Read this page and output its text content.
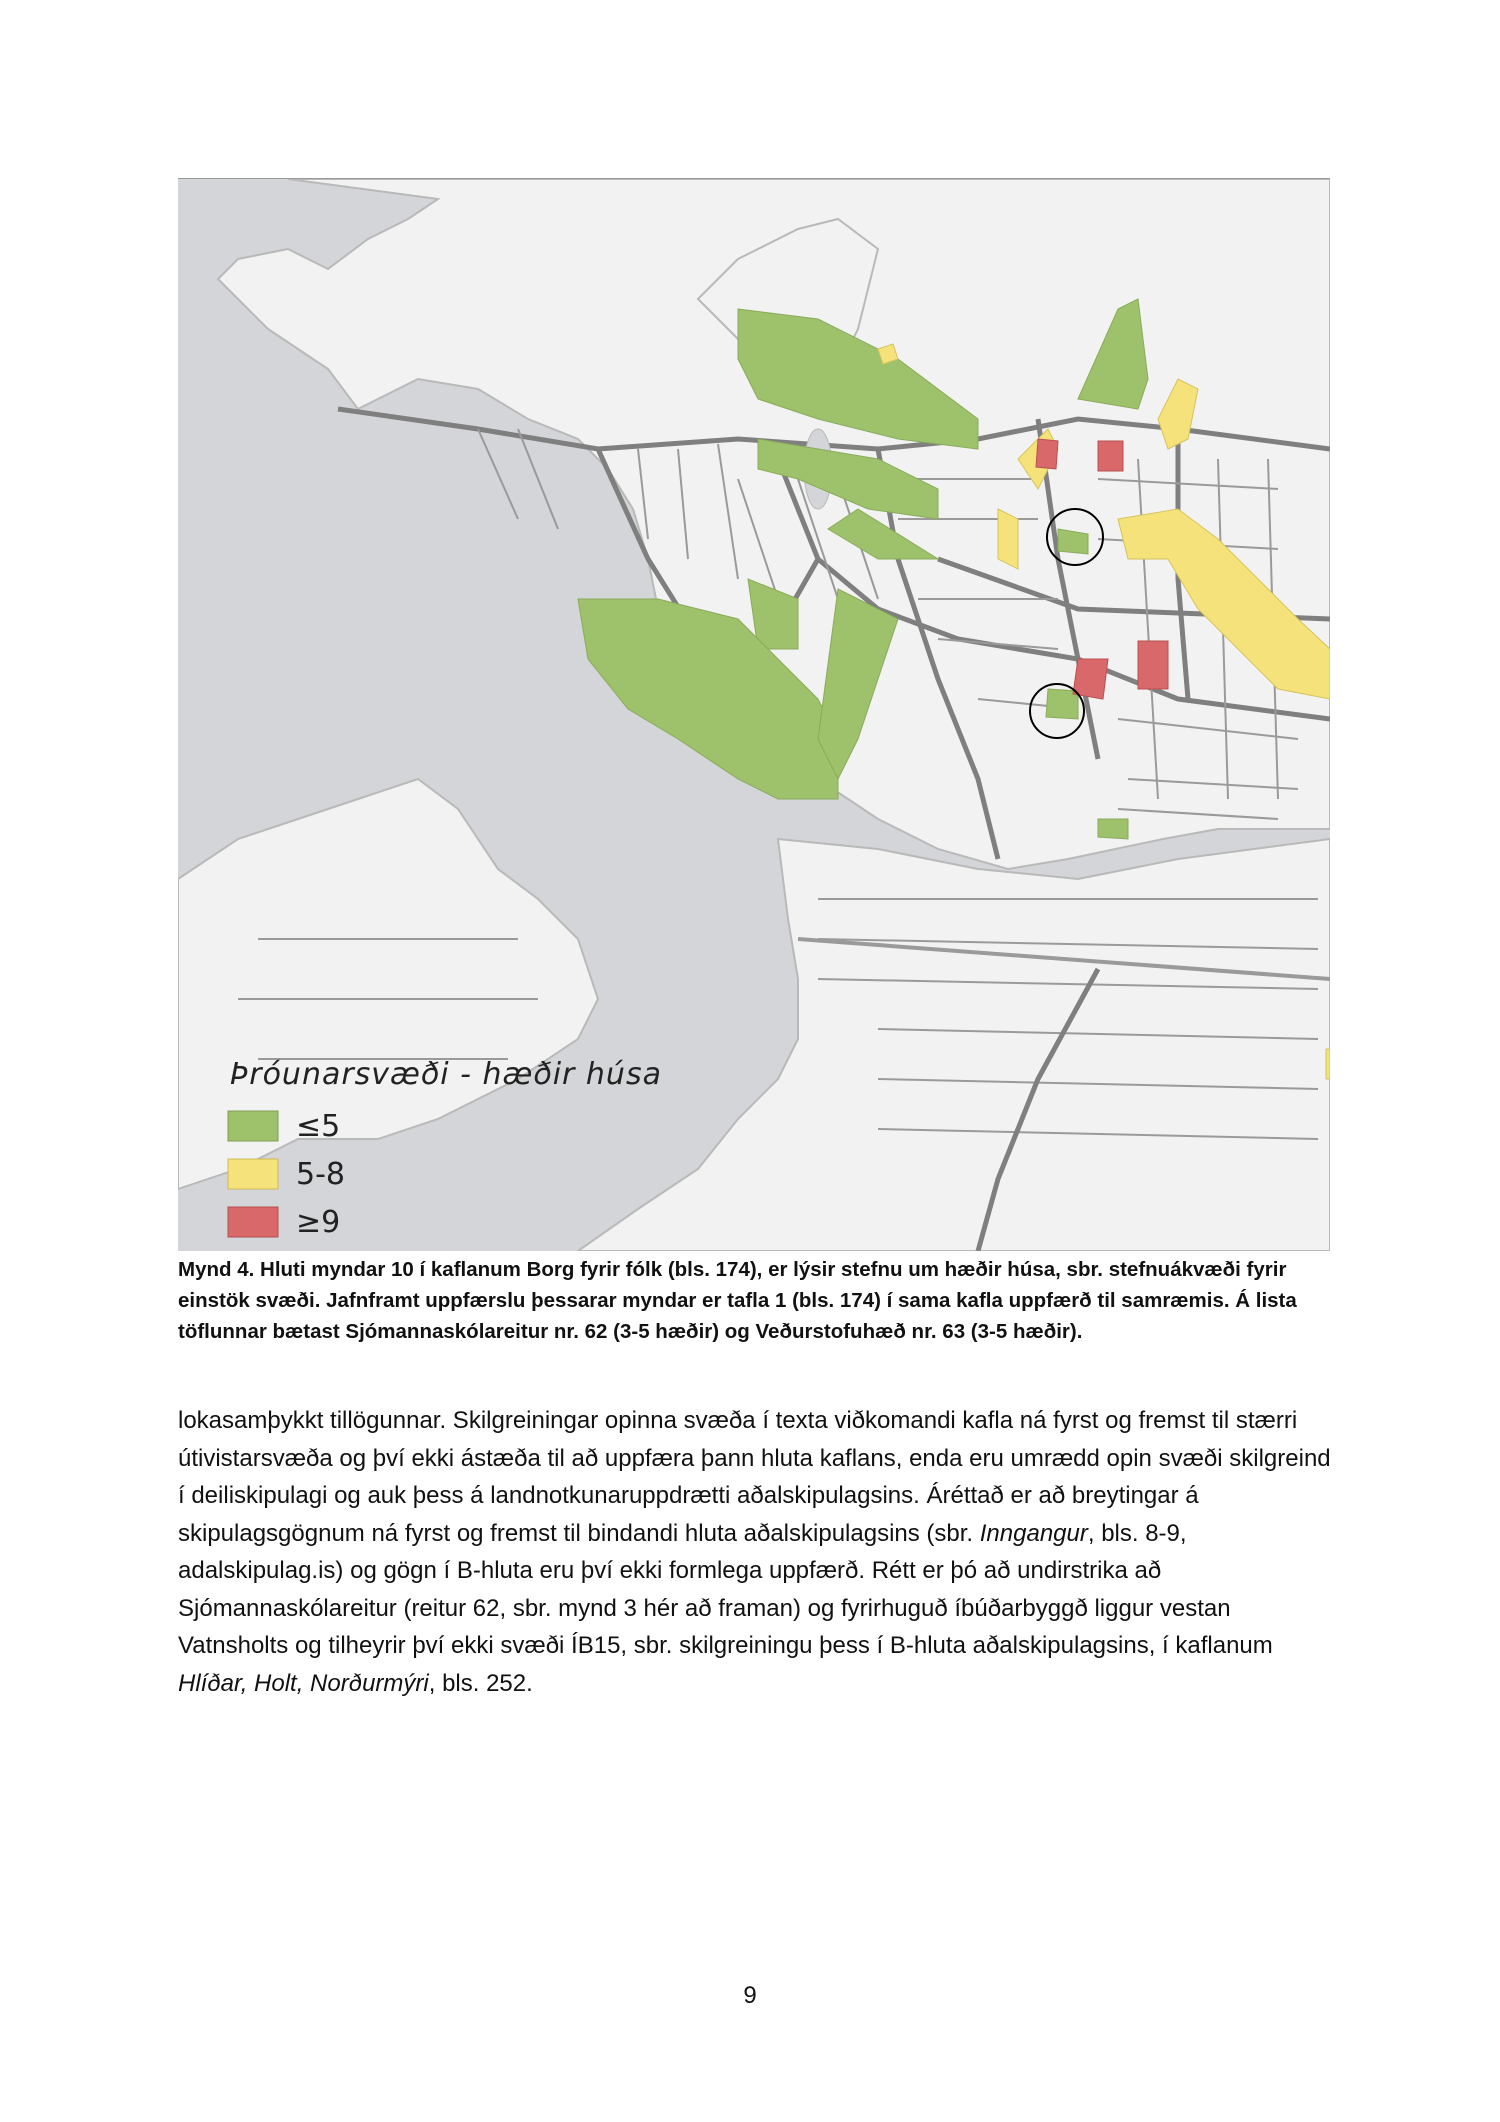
Þróunarsvæði - hæðir húsa
≤5
5-8
≥9
Mynd 4. Hluti myndar 10 í kaflanum Borg fyrir fólk (bls. 174), er lýsir stefnu um hæðir húsa, sbr. stefnuákvæði fyrir einstök svæði. Jafnframt uppfærslu þessarar myndar er tafla 1 (bls. 174) í sama kafla uppfærð til samræmis. Á lista töflunnar bætast Sjómannaskólareitur nr. 62 (3-5 hæðir) og Veðurstofuhæð nr. 63 (3-5 hæðir).
lokasamþykkt tillögunnar. Skilgreiningar opinna svæða í texta viðkomandi kafla ná fyrst og fremst til stærri útivistarsvæða og því ekki ástæða til að uppfæra þann hluta kaflans, enda eru umrædd opin svæði skilgreind í deiliskipulagi og auk þess á landnotkunaruppdrætti aðalskipulagsins. Áréttað er að breytingar á skipulagsgögnum ná fyrst og fremst til bindandi hluta aðalskipulagsins (sbr. Inngangur, bls. 8-9, adalskipulag.is) og gögn í B-hluta eru því ekki formlega uppfærð. Rétt er þó að undirstrika að Sjómannaskólareitur (reitur 62, sbr. mynd 3 hér að framan) og fyrirhuguð íbúðarbyggð liggur vestan Vatnsholts og tilheyrir því ekki svæði ÍB15, sbr. skilgreiningu þess í B-hluta aðalskipulagsins, í kaflanum Hlíðar, Holt, Norðurmýri, bls. 252.
9
